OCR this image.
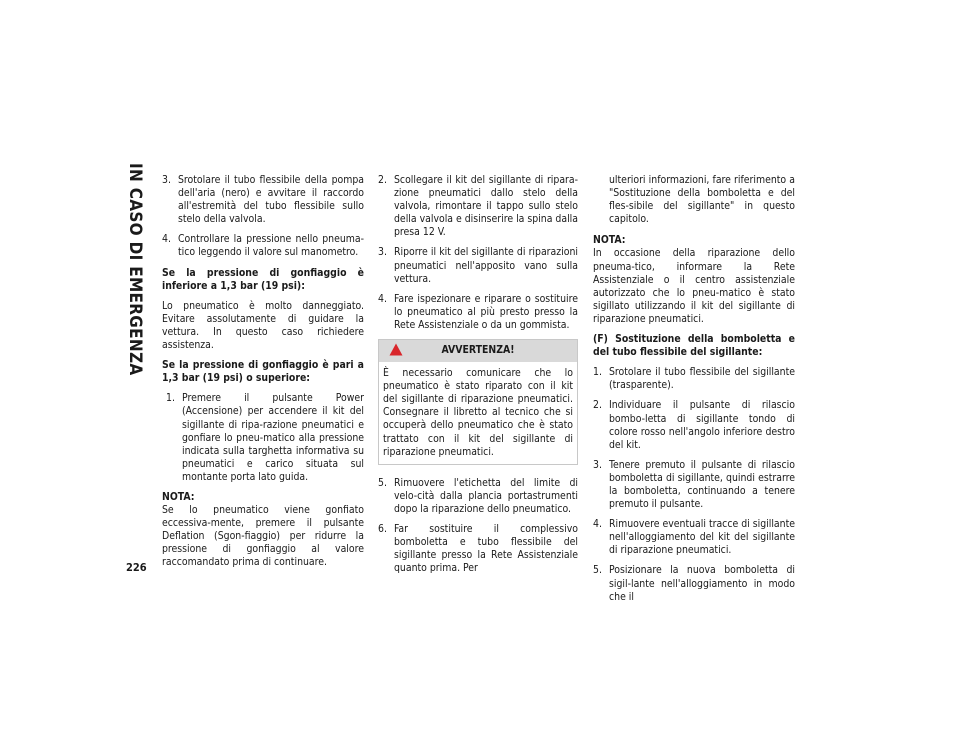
IN CASO DI EMERGENZA
226
3. Srotolare il tubo flessibile della pompa dell'aria (nero) e avvitare il raccordo all'estremità del tubo flessibile sullo stelo della valvola.
4. Controllare la pressione nello pneuma-tico leggendo il valore sul manometro.

Se la pressione di gonfiaggio è inferiore a 1,3 bar (19 psi):

Lo pneumatico è molto danneggiato. Evitare assolutamente di guidare la vettura. In questo caso richiedere assistenza.

Se la pressione di gonfiaggio è pari a 1,3 bar (19 psi) o superiore:

1. Premere il pulsante Power (Accensione) per accendere il kit del sigillante di ripa-razione pneumatici e gonfiare lo pneu-matico alla pressione indicata sulla targhetta informativa su pneumatici e carico situata sul montante porta lato guida.
NOTA:
Se lo pneumatico viene gonfiato eccessiva-mente, premere il pulsante Deflation (Sgon-fiaggio) per ridurre la pressione di gonfiaggio al valore raccomandato prima di continuare.
2. Scollegare il kit del sigillante di ripara-zione pneumatici dallo stelo della valvola, rimontare il tappo sullo stelo della valvola e disinserire la spina dalla presa 12 V.
3. Riporre il kit del sigillante di riparazioni pneumatici nell'apposito vano sulla vettura.
4. Fare ispezionare e riparare o sostituire lo pneumatico al più presto presso la Rete Assistenziale o da un gommista.
AVVERTENZA!
È necessario comunicare che lo pneumatico è stato riparato con il kit del sigillante di riparazione pneumatici. Consegnare il libretto al tecnico che si occuperà dello pneumatico che è stato trattato con il kit del sigillante di riparazione pneumatici.
5. Rimuovere l'etichetta del limite di velo-cità dalla plancia portastrumenti dopo la riparazione dello pneumatico.
6. Far sostituire il complessivo bomboletta e tubo flessibile del sigillante presso la Rete Assistenziale quanto prima. Per
ulteriori informazioni, fare riferimento a "Sostituzione della bomboletta e del fles-sibile del sigillante" in questo capitolo.
NOTA:
In occasione della riparazione dello pneuma-tico, informare la Rete Assistenziale o il centro assistenziale autorizzato che lo pneu-matico è stato sigillato utilizzando il kit del sigillante di riparazione pneumatici.

(F) Sostituzione della bomboletta e del tubo flessibile del sigillante:

1. Srotolare il tubo flessibile del sigillante (trasparente).
2. Individuare il pulsante di rilascio bombo-letta di sigillante tondo di colore rosso nell'angolo inferiore destro del kit.
3. Tenere premuto il pulsante di rilascio bomboletta di sigillante, quindi estrarre la bomboletta, continuando a tenere premuto il pulsante.
4. Rimuovere eventuali tracce di sigillante nell'alloggiamento del kit del sigillante di riparazione pneumatici.
5. Posizionare la nuova bomboletta di sigil-lante nell'alloggiamento in modo che il
